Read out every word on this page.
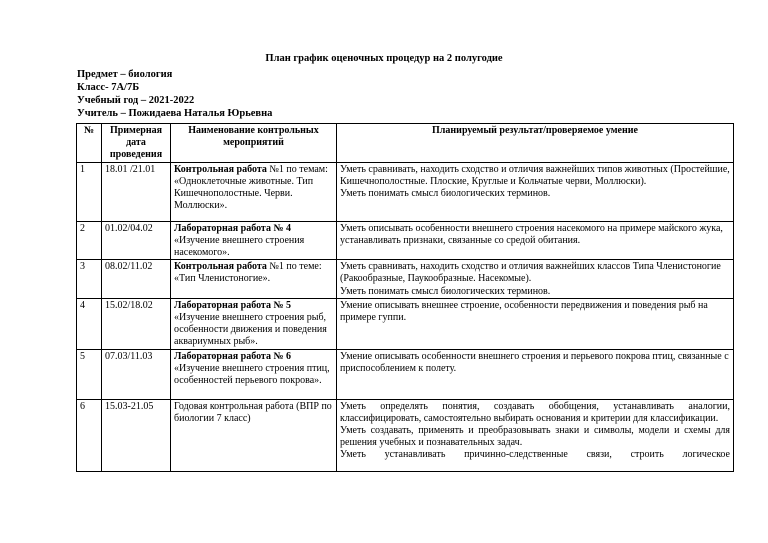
План график оценочных процедур на 2 полугодие
Предмет – биология
Класс- 7А/7Б
Учебный год – 2021-2022
Учитель – Пожидаева Наталья Юрьевна
№	Примерная дата проведения	Наименование контрольных мероприятий	Планируемый результат/проверяемое умение
1	18.01 /21.01	Контрольная работа №1 по темам: «Одноклеточные животные. Тип Кишечнополостные. Черви. Моллюски».	Уметь сравнивать, находить сходство и отличия важнейших типов животных (Простейшие, Кишечнополостные. Плоские, Круглые и Кольчатые черви, Моллюски).
Уметь понимать смысл биологических терминов.

2	01.02/04.02	Лабораторная работа № 4 «Изучение внешнего строения насекомого».	Уметь описывать особенности внешнего строения насекомого на примере майского жука, устанавливать признаки, связанные со средой обитания.

3	08.02/11.02	Контрольная работа №1 по теме: «Тип Членистоногие».	Уметь сравнивать, находить сходство и отличия важнейших классов Типа Членистоногие (Ракообразные, Паукообразные. Насекомые).
Уметь понимать смысл биологических терминов.

4	15.02/18.02	Лабораторная работа № 5 «Изучение внешнего строения рыб, особенности движения и поведения аквариумных рыб».	Умение описывать внешнее строение, особенности передвижения и поведения рыб на примере гуппи.

5	07.03/11.03	Лабораторная работа № 6 «Изучение внешнего строения птиц, особенностей перьевого покрова».	Умение описывать особенности внешнего строения и перьевого покрова птиц, связанные с приспособлением к полету.

6	15.03-21.05	Годовая контрольная работа (ВПР по биологии 7 класс)	Уметь определять понятия, создавать обобщения, устанавливать аналогии, классифицировать, самостоятельно выбирать основания и критерии для классификации.
Уметь создавать, применять и преобразовывать знаки и символы, модели и схемы для решения учебных и познавательных задач.
Уметь устанавливать причинно-следственные связи, строить логическое
